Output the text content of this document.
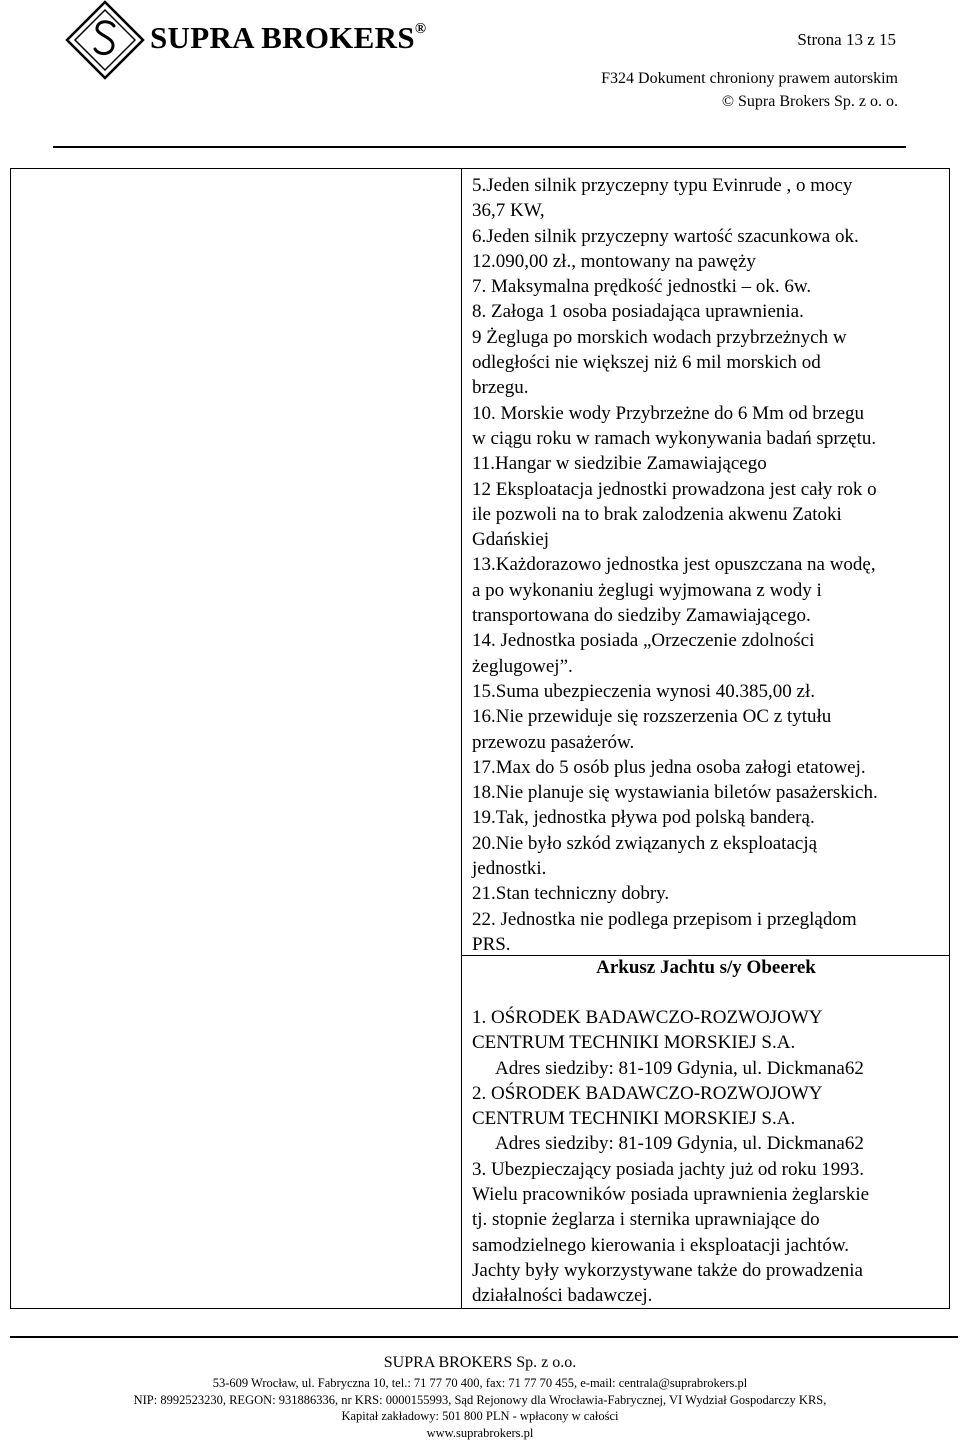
SUPRA BROKERS®
Strona 13 z 15
F324 Dokument chroniony prawem autorskim
© Supra Brokers Sp. z o. o.
5.Jeden silnik przyczepny typu Evinrude , o mocy
36,7 KW,
6.Jeden silnik przyczepny wartość szacunkowa ok.
12.090,00 zł., montowany na pawężу
7. Maksymalna prędkość jednostki – ok. 6w.
8. Załoga 1 osoba posiadająca uprawnienia.
9 Żegluga po morskich wodach przybrzeżnych w
odległości nie większej niż 6 mil morskich od
brzegu.
10. Morskie wody Przybrzeżne do 6 Mm od brzegu
w ciągu roku w ramach wykonywania badań sprzętu.
11.Hangar w siedzibie Zamawiającego
12 Eksploatacja jednostki prowadzona jest cały rok o
ile pozwoli na to brak zalodzenia akwenu Zatoki
Gdańskiej
13.Każdorazowo jednostka jest opuszczana na wodę,
a po wykonaniu żeglugi wyjmowana z wody i
transportowana do siedziby Zamawiającego.
14. Jednostka posiada „Orzeczenie zdolności
żeglugowej”.
15.Suma ubezpieczenia wynosi 40.385,00 zł.
16.Nie przewiduje się rozszerzenia OC z tytułu
przewozu pasażerów.
17.Max do 5 osób plus jedna osoba załogi etatowej.
18.Nie planuje się wystawiania biletów pasażerskich.
19.Tak, jednostka pływa pod polską banderą.
20.Nie było szkód związanych z eksploatacją
jednostki.
21.Stan techniczny dobry.
22. Jednostka nie podlega przepisom i przeglądom
PRS.
Arkusz Jachtu s/y Obeerek
1. OŚRODEK BADAWCZO-ROZWOJOWY
CENTRUM TECHNIKI MORSKIEJ S.A.
Adres siedziby: 81-109 Gdynia, ul. Dickmana62
2. OŚRODEK BADAWCZO-ROZWOJOWY
CENTRUM TECHNIKI MORSKIEJ S.A.
Adres siedziby: 81-109 Gdynia, ul. Dickmana62
3. Ubezpieczający posiada jachty już od roku 1993.
Wielu pracowników posiada uprawnienia żeglarskie
tj. stopnie żeglarza i sternika uprawniające do
samodzielnego kierowania i eksploatacji jachtów.
Jachty były wykorzystywane także do prowadzenia
działalności badawczej.
SUPRA BROKERS Sp. z o.o.
53-609 Wrocław, ul. Fabryczna 10, tel.: 71 77 70 400, fax: 71 77 70 455, e-mail: centrala@suprabrokers.pl
NIP: 8992523230, REGON: 931886336, nr KRS: 0000155993, Sąd Rejonowy dla Wrocławia-Fabrycznej, VI Wydział Gospodarczy KRS,
Kapitał zakładowy: 501 800 PLN - wpłacony w całości
www.suprabrokers.pl
